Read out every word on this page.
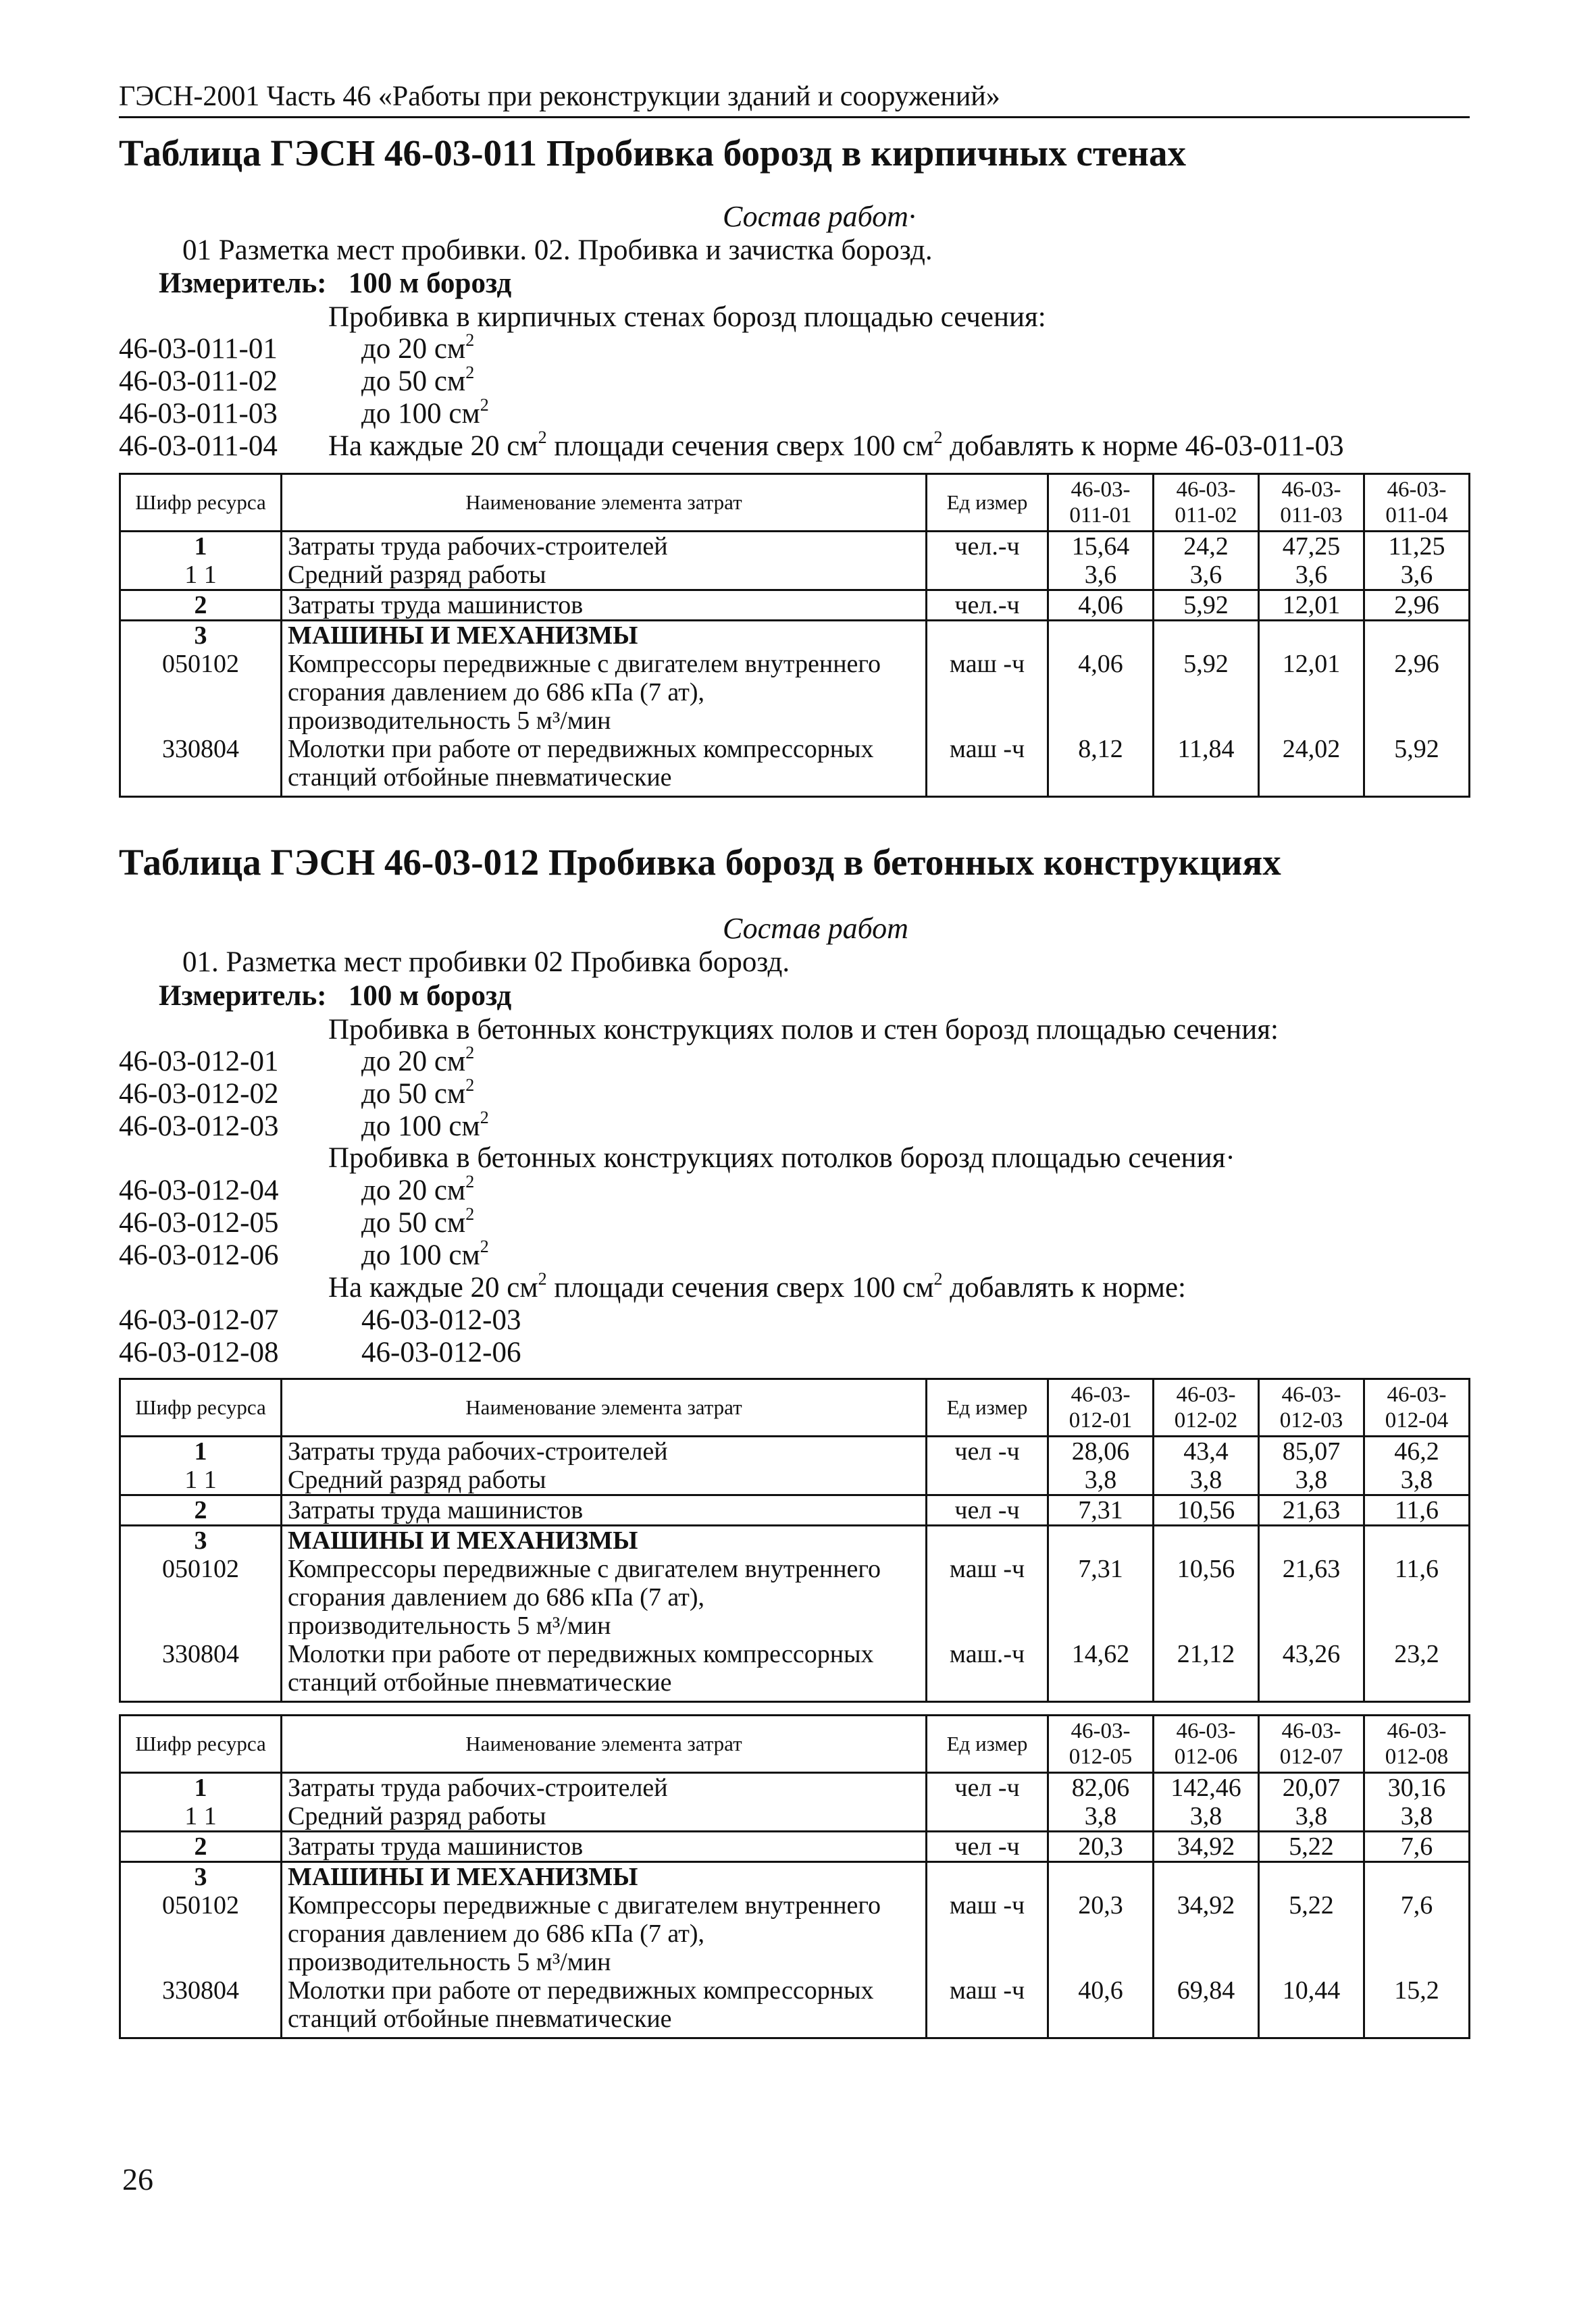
ГЭСН-2001 Часть 46 «Работы при реконструкции зданий и сооружений»
Таблица ГЭСН 46-03-011 Пробивка борозд в кирпичных стенах
Состав работ·
01 Разметка мест пробивки. 02. Пробивка и зачистка борозд.
Измеритель: 100 м борозд
Пробивка в кирпичных стенах борозд площадью сечения:
46-03-011-01	до 20 $см^2$
46-03-011-02	до 50 $см^2$
46-03-011-03	до 100 $см^2$
46-03-011-04 На каждые 20 $см^2$ площади сечения сверх 100 $см^2$ добавлять к норме 46-03-011-03
Шифр ресурса	Наименование элемента затрат	Ед измер	46-03-
011-01	46-03-
011-02	46-03-
011-03	46-03-
011-04
1	Затраты труда рабочих-строителей	чел.-ч	15,64	24,2	47,25	11,25
1 1	Средний разряд работы		3,6	3,6	3,6	3,6
2	Затраты труда машинистов	чел.-ч	4,06	5,92	12,01	2,96
3	МАШИНЫ И МЕХАНИЗМЫ					
050102	Компрессоры передвижные с двигателем внутреннего сгорания давлением до 686 кПа (7 ат), производительность 5 м³/мин	маш -ч	4,06	5,92	12,01	2,96
330804	Молотки при работе от передвижных компрессорных станций отбойные пневматические	маш -ч	8,12	11,84	24,02	5,92
Таблица ГЭСН 46-03-012 Пробивка борозд в бетонных конструкциях
Состав работ
01. Разметка мест пробивки 02 Пробивка борозд.
Измеритель: 100 м борозд
Пробивка в бетонных конструкциях полов и стен борозд площадью сечения:
46-03-012-01	до 20 $см^2$
46-03-012-02	до 50 $см^2$
46-03-012-03	до 100 $см^2$
Пробивка в бетонных конструкциях потолков борозд площадью сечения·
46-03-012-04	до 20 $см^2$
46-03-012-05	до 50 $см^2$
46-03-012-06	до 100 $см^2$
На каждые 20 $см^2$ площади сечения сверх 100 $см^2$ добавлять к норме:
46-03-012-07	46-03-012-03
46-03-012-08	46-03-012-06
Шифр ресурса	Наименование элемента затрат	Ед измер	46-03-
012-01	46-03-
012-02	46-03-
012-03	46-03-
012-04
1	Затраты труда рабочих-строителей	чел -ч	28,06	43,4	85,07	46,2
1 1	Средний разряд работы		3,8	3,8	3,8	3,8
2	Затраты труда машинистов	чел -ч	7,31	10,56	21,63	11,6
3	МАШИНЫ И МЕХАНИЗМЫ					
050102	Компрессоры передвижные с двигателем внутреннего сгорания давлением до 686 кПа (7 ат), производительность 5 м³/мин	маш -ч	7,31	10,56	21,63	11,6
330804	Молотки при работе от передвижных компрессорных станций отбойные пневматические	маш.-ч	14,62	21,12	43,26	23,2
Шифр ресурса	Наименование элемента затрат	Ед измер	46-03-
012-05	46-03-
012-06	46-03-
012-07	46-03-
012-08
1	Затраты труда рабочих-строителей	чел -ч	82,06	142,46	20,07	30,16
1 1	Средний разряд работы		3,8	3,8	3,8	3,8
2	Затраты труда машинистов	чел -ч	20,3	34,92	5,22	7,6
3	МАШИНЫ И МЕХАНИЗМЫ					
050102	Компрессоры передвижные с двигателем внутреннего сгорания давлением до 686 кПа (7 ат), производительность 5 м³/мин	маш -ч	20,3	34,92	5,22	7,6
330804	Молотки при работе от передвижных компрессорных станций отбойные пневматические	маш -ч	40,6	69,84	10,44	15,2
26
